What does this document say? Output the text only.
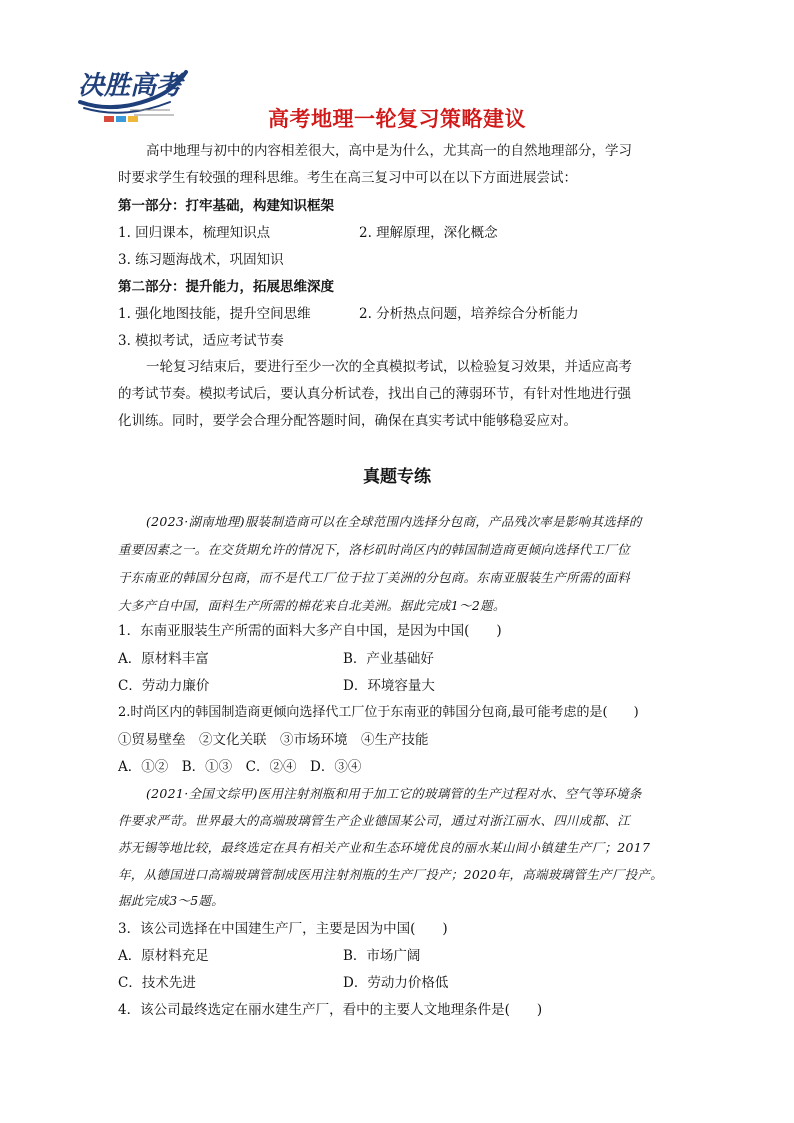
决胜高考
高考地理一轮复习策略建议
高中地理与初中的内容相差很大，高中是为什么，尤其高一的自然地理部分，学习
时要求学生有较强的理科思维。考生在高三复习中可以在以下方面进展尝试：
第一部分：打牢基础，构建知识框架
1. 回归课本，梳理知识点	2. 理解原理，深化概念
3. 练习题海战术，巩固知识
第二部分：提升能力，拓展思维深度
1. 强化地图技能，提升空间思维	2. 分析热点问题，培养综合分析能力
3. 模拟考试，适应考试节奏
一轮复习结束后，要进行至少一次的全真模拟考试，以检验复习效果，并适应高考
的考试节奏。模拟考试后，要认真分析试卷，找出自己的薄弱环节，有针对性地进行强
化训练。同时，要学会合理分配答题时间，确保在真实考试中能够稳妥应对。
真题专练
(2023·湖南地理)服装制造商可以在全球范围内选择分包商，产品残次率是影响其选择的
重要因素之一。在交货期允许的情况下，洛杉矶时尚区内的韩国制造商更倾向选择代工厂位
于东南亚的韩国分包商，而不是代工厂位于拉丁美洲的分包商。东南亚服装生产所需的面料
大多产自中国，面料生产所需的棉花来自北美洲。据此完成1～2题。
1．东南亚服装生产所需的面料大多产自中国，是因为中国(　　)
A．原材料丰富	B．产业基础好
C．劳动力廉价	D．环境容量大
2.时尚区内的韩国制造商更倾向选择代工厂位于东南亚的韩国分包商,最可能考虑的是(　　)
①贸易壁垒　②文化关联　③市场环境　④生产技能
A．①②　B．①③　C．②④　D．③④
(2021·全国文综甲)医用注射剂瓶和用于加工它的玻璃管的生产过程对水、空气等环境条
件要求严苛。世界最大的高端玻璃管生产企业德国某公司，通过对浙江丽水、四川成都、江
苏无锡等地比较，最终选定在具有相关产业和生态环境优良的丽水某山间小镇建生产厂；2017
年，从德国进口高端玻璃管制成医用注射剂瓶的生产厂投产；2020年，高端玻璃管生产厂投产。
据此完成3～5题。
3．该公司选择在中国建生产厂，主要是因为中国(　　)
A．原材料充足	B．市场广阔
C．技术先进	D．劳动力价格低
4．该公司最终选定在丽水建生产厂，看中的主要人文地理条件是(　　)
